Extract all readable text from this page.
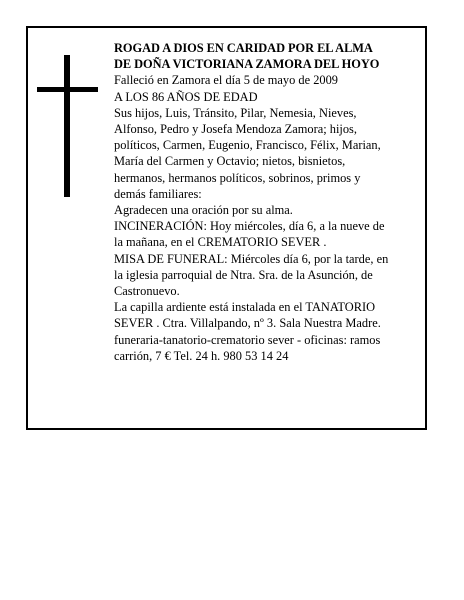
ROGAD A DIOS EN CARIDAD POR EL ALMA
DE DOÑA VICTORIANA ZAMORA DEL HOYO
Falleció en Zamora el día 5 de mayo de 2009
A LOS 86 AÑOS DE EDAD
Sus hijos, Luis, Tránsito, Pilar, Nemesia, Nieves,
Alfonso, Pedro y Josefa Mendoza Zamora; hijos,
políticos, Carmen, Eugenio, Francisco, Félix, Marian,
María del Carmen y Octavio; nietos, bisnietos,
hermanos, hermanos políticos, sobrinos, primos y
demás familiares:
Agradecen una oración por su alma.
INCINERACIÓN: Hoy miércoles, día 6, a la nueve de
la mañana, en el CREMATORIO SEVER .
MISA DE FUNERAL: Miércoles día 6, por la tarde, en
la iglesia parroquial de Ntra. Sra. de la Asunción, de
Castronuevo.
La capilla ardiente está instalada en el TANATORIO
SEVER . Ctra. Villalpando, nº 3. Sala Nuestra Madre.
funeraria-tanatorio-crematorio sever - oficinas: ramos
carrión, 7 € Tel. 24 h. 980 53 14 24
